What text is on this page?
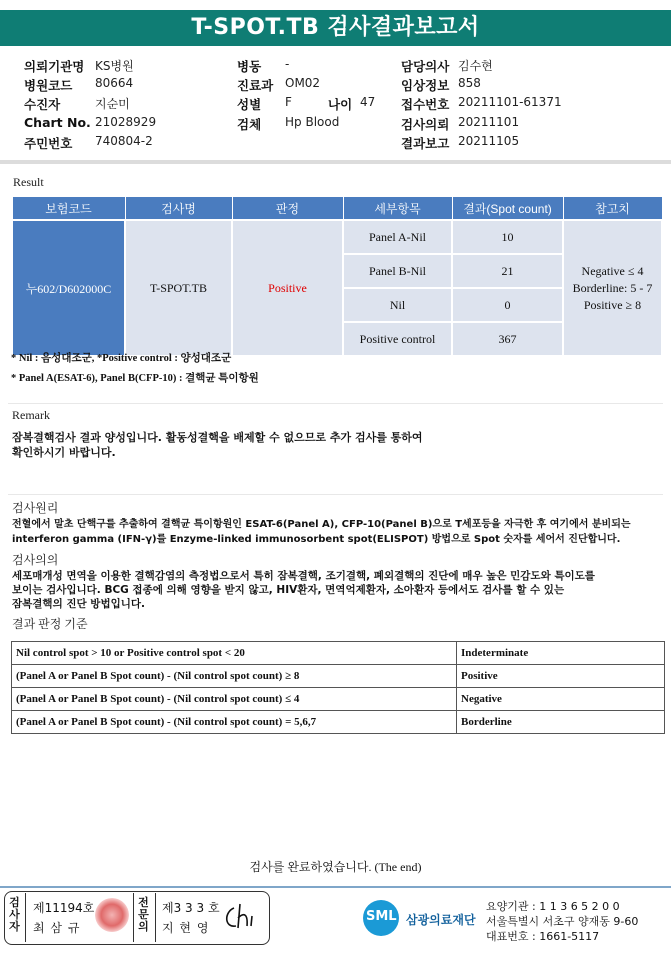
T-SPOT.TB 검사결과보고서
의뢰기관명 KS병원
병원코드 80664
수진자	지순미
Chart No. 21028929
주민번호 740804-2
병동 -
진료과 OM02
성별 F	나이 47
검체 Hp Blood
담당의사 김수현
임상정보 858
접수번호 20211101-61371
검사의뢰 20211101
결과보고 20211105
Result
보험코드	검사명	판정	세부항목	결과(Spot count)	참고치
누602/D602000C	T-SPOT.TB	Positive	Panel A-Nil	10	Negative ≤ 4
Borderline: 5 - 7
Positive ≥ 8

			Panel B-Nil	21	
			Nil	0	
			Positive control	367	
* Nil : 음성대조군, *Positive control : 양성대조군
* Panel A(ESAT-6), Panel B(CFP-10) : 결핵균 특이항원
Remark
잠복결핵검사 결과 양성입니다. 활동성결핵을 배제할 수 없으므로 추가 검사를 통하여
확인하시기 바랍니다.
검사원리
전혈에서 말초 단핵구를 추출하여 결핵균 특이항원인 ESAT-6(Panel A), CFP-10(Panel B)으로 T세포등을 자극한 후 여기에서 분비되는
interferon gamma (IFN-γ)를 Enzyme-linked immunosorbent spot(ELISPOT) 방법으로 Spot 숫자를 세어서 진단합니다.
검사의의
세포매개성 면역을 이용한 결핵감염의 측정법으로서 특히 잠복결핵, 조기결핵, 폐외결핵의 진단에 매우 높은 민감도와 특이도를
보이는 검사입니다. BCG 접종에 의해 영향을 받지 않고, HIV환자, 면역억제환자, 소아환자 등에서도 검사를 할 수 있는
잠복결핵의 진단 방법입니다.
결과 판정 기준
Nil control spot > 10 or Positive control spot < 20	Indeterminate
(Panel A or Panel B Spot count) - (Nil control spot count) ≥ 8	Positive
(Panel A or Panel B Spot count) - (Nil control spot count) ≤ 4	Negative
(Panel A or Panel B Spot count) - (Nil control spot count) = 5,6,7	Borderline
검사를 완료하였습니다. (The end)
검
사
자
제11194호
최 삼 규
전
문
의
제3 3 3 호
지 현 영
SML 삼광의료재단
요양기관 : 1 1 3 6 5 2 0 0
서울특별시 서초구 양재동 9-60
대표번호 : 1661-5117
